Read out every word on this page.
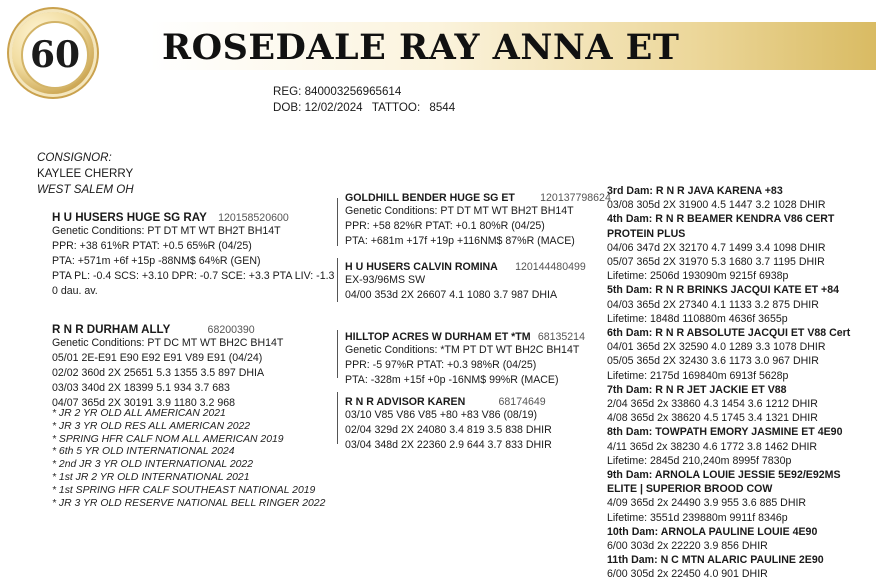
60 ROSEDALE RAY ANNA ET
REG: 840003256965614
DOB: 12/02/2024 TATTOO: 8544
CONSIGNOR:
KAYLEE CHERRY
WEST SALEM OH
H U HUSERS HUGE SG RAY 120158520600
Genetic Conditions: PT DT MT WT BH2T BH14T
PPR: +38 61%R PTAT: +0.5 65%R (04/25)
PTA: +571m +6f +15p -88NM$ 64%R (GEN)
PTA PL: -0.4 SCS: +3.10 DPR: -0.7 SCE: +3.3 PTA LIV: -1.3
0 dau. av.
R N R DURHAM ALLY	68200390
Genetic Conditions: PT DC MT WT BH2C BH14T
05/01 2E-E91 E90 E92 E91 V89 E91 (04/24)
02/02 360d 2X 25651 5.3 1355 3.5 897 DHIA
03/03 340d 2X 18399 5.1 934 3.7 683
04/07 365d 2X 30191 3.9 1180 3.2 968
* JR 2 YR OLD ALL AMERICAN 2021
* JR 3 YR OLD RES ALL AMERICAN 2022
* SPRING HFR CALF NOM ALL AMERICAN 2019
* 6th 5 YR OLD INTERNATIONAL 2024
* 2nd JR 3 YR OLD INTERNATIONAL 2022
* 1st JR 2 YR OLD INTERNATIONAL 2021
* 1st SPRING HFR CALF SOUTHEAST NATIONAL 2019
* JR 3 YR OLD RESERVE NATIONAL BELL RINGER 2022
GOLDHILL BENDER HUGE SG ET 120137798624
Genetic Conditions: PT DT MT WT BH2T BH14T
PPR: +58 82%R PTAT: +0.1 80%R (04/25)
PTA: +681m +17f +19p +116NM$ 87%R (MACE)
H U HUSERS CALVIN ROMINA 120144480499
EX-93/96MS SW
04/00 353d 2X 26607 4.1 1080 3.7 987 DHIA
HILLTOP ACRES W DURHAM ET *TM 68135214
Genetic Conditions: *TM PT DT WT BH2C BH14T
PPR: -5 97%R PTAT: +0.3 98%R (04/25)
PTA: -328m +15f +0p -16NM$ 99%R (MACE)
R N R ADVISOR KAREN	68174649
03/10 V85 V86 V85 +80 +83 V86 (08/19)
02/04 329d 2X 24080 3.4 819 3.5 838 DHIR
03/04 348d 2X 22360 2.9 644 3.7 833 DHIR
3rd Dam: R N R JAVA KARENA +83
03/08 305d 2X 31900 4.5 1447 3.2 1028 DHIR
4th Dam: R N R BEAMER KENDRA V86 CERT
PROTEIN PLUS
04/06 347d 2X 32170 4.7 1499 3.4 1098 DHIR
05/07 365d 2X 31970 5.3 1680 3.7 1195 DHIR
Lifetime: 2506d 193090m 9215f 6938p
5th Dam: R N R BRINKS JACQUI KATE ET +84
04/03 365d 2X 27340 4.1 1133 3.2 875 DHIR
Lifetime: 1848d 110880m 4636f 3655p
6th Dam: R N R ABSOLUTE JACQUI ET V88 Cert
04/01 365d 2X 32590 4.0 1289 3.3 1078 DHIR
05/05 365d 2X 32430 3.6 1173 3.0 967 DHIR
Lifetime: 2175d 169840m 6913f 5628p
7th Dam: R N R JET JACKIE ET V88
2/04 365d 2x 33860 4.3 1454 3.6 1212 DHIR
4/08 365d 2x 38620 4.5 1745 3.4 1321 DHIR
8th Dam: TOWPATH EMORY JASMINE ET 4E90
4/11 365d 2x 38230 4.6 1772 3.8 1462 DHIR
Lifetime: 2845d 210,240m 8995f 7830p
9th Dam: ARNOLA LOUIE JESSIE 5E92/E92MS
ELITE | SUPERIOR BROOD COW
4/09 365d 2x 24490 3.9 955 3.6 885 DHIR
Lifetime: 3551d 239880m 9911f 8346p
10th Dam: ARNOLA PAULINE LOUIE 4E90
6/00 303d 2x 22220 3.9 856 DHIR
11th Dam: N C MTN ALARIC PAULINE 2E90
6/00 305d 2x 22450 4.0 901 DHIR
